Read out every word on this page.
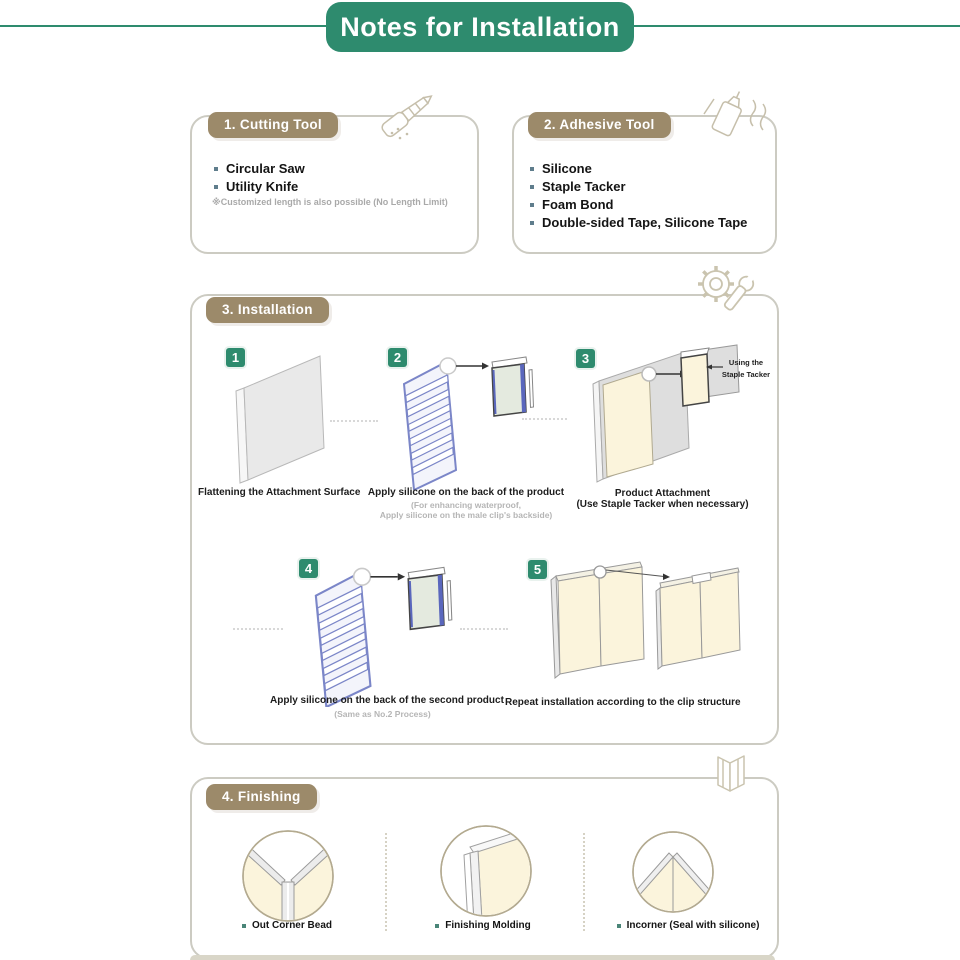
Notes for Installation
1. Cutting Tool
Circular Saw
Utility Knife
※Customized length is also possible (No Length Limit)
2. Adhesive Tool
Silicone
Staple Tacker
Foam Bond
Double-sided Tape, Silicone Tape
3. Installation
1	2	3
4	5
Using the
Staple Tacker
Flattening the Attachment Surface Apply silicone on the back of the product
(For enhancing waterproof,
Apply silicone on the male clip's backside)
Product Attachment
(Use Staple Tacker when necessary)
Apply silicone on the back of the second product
(Same as No.2 Process)
Repeat installation according to the clip structure
4. Finishing
Out Corner Bead	Finishing Molding	Incorner (Seal with silicone)
